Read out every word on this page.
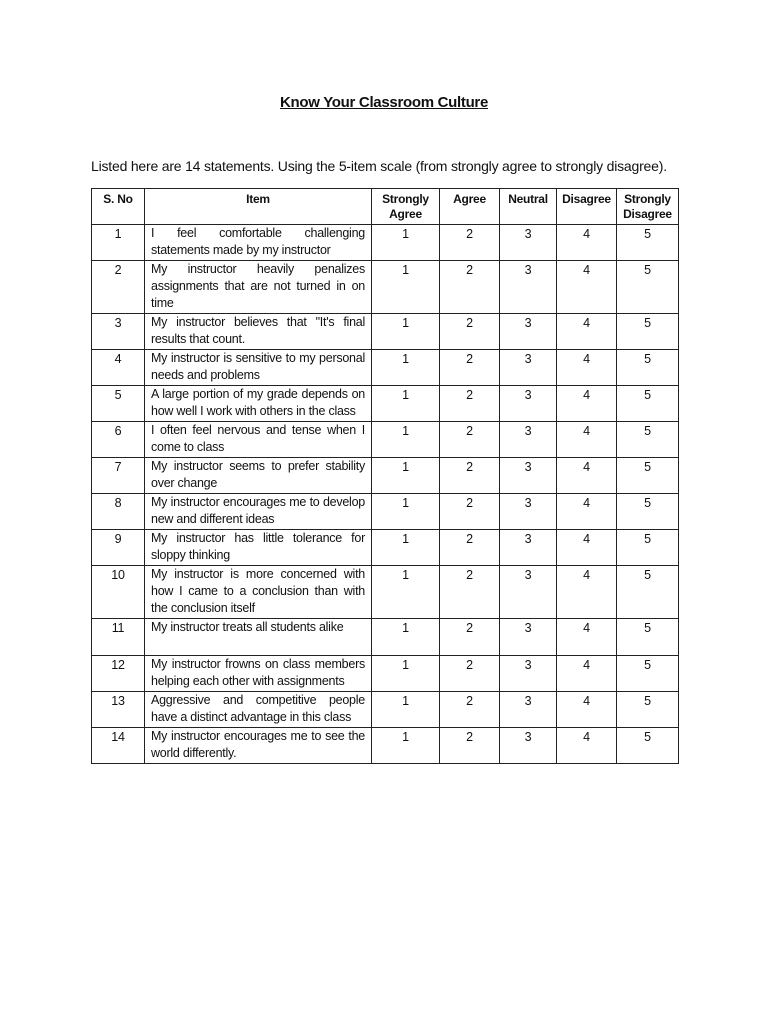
Know Your Classroom Culture
Listed here are 14 statements. Using the 5-item scale (from strongly agree to strongly disagree).
S. No	Item	Strongly Agree	Agree	Neutral	Disagree	Strongly Disagree
1	I feel comfortable challenging statements made by my instructor	1	2	3	4	5
2	My instructor heavily penalizes assignments that are not turned in on time	1	2	3	4	5
3	My instructor believes that "It's final results that count.	1	2	3	4	5
4	My instructor is sensitive to my personal needs and problems	1	2	3	4	5
5	A large portion of my grade depends on how well I work with others in the class	1	2	3	4	5
6	I often feel nervous and tense when I come to class	1	2	3	4	5
7	My instructor seems to prefer stability over change	1	2	3	4	5
8	My instructor encourages me to develop new and different ideas	1	2	3	4	5
9	My instructor has little tolerance for sloppy thinking	1	2	3	4	5
10	My instructor is more concerned with how I came to a conclusion than with the conclusion itself	1	2	3	4	5
11	My instructor treats all students alike	1	2	3	4	5
12	My instructor frowns on class members helping each other with assignments	1	2	3	4	5
13	Aggressive and competitive people have a distinct advantage in this class	1	2	3	4	5
14	My instructor encourages me to see the world differently.	1	2	3	4	5
